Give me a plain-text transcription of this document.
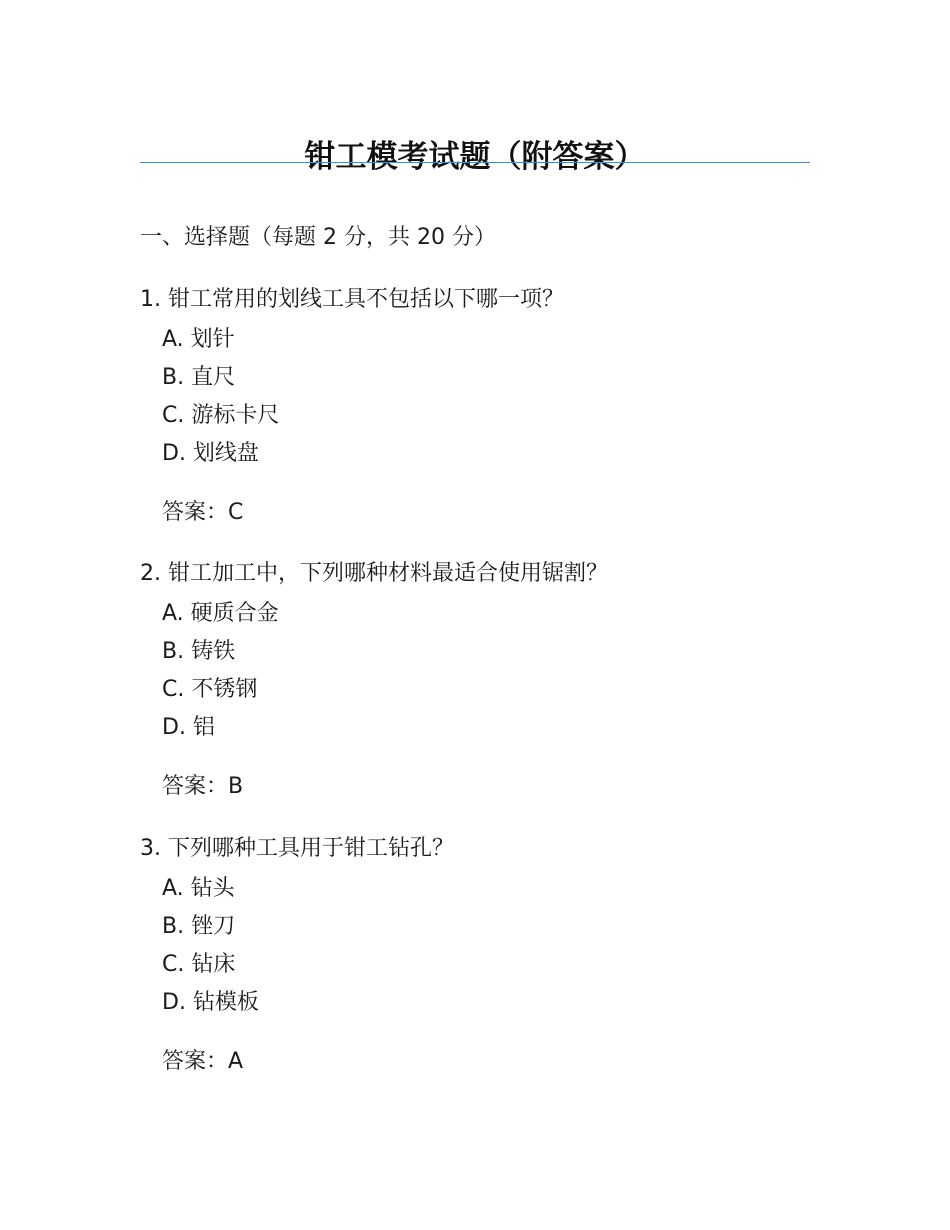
钳工模考试题（附答案）
一、选择题（每题 2 分，共 20 分）

1. 钳工常用的划线工具不包括以下哪一项？

A. 划针
B. 直尺
C. 游标卡尺
D. 划线盘
答案：C

2. 钳工加工中，下列哪种材料最适合使用锯割？

A. 硬质合金
B. 铸铁
C. 不锈钢
D. 铝
答案：B

3. 下列哪种工具用于钳工钻孔？

A. 钻头
B. 锉刀
C. 钻床
D. 钻模板
答案：A
